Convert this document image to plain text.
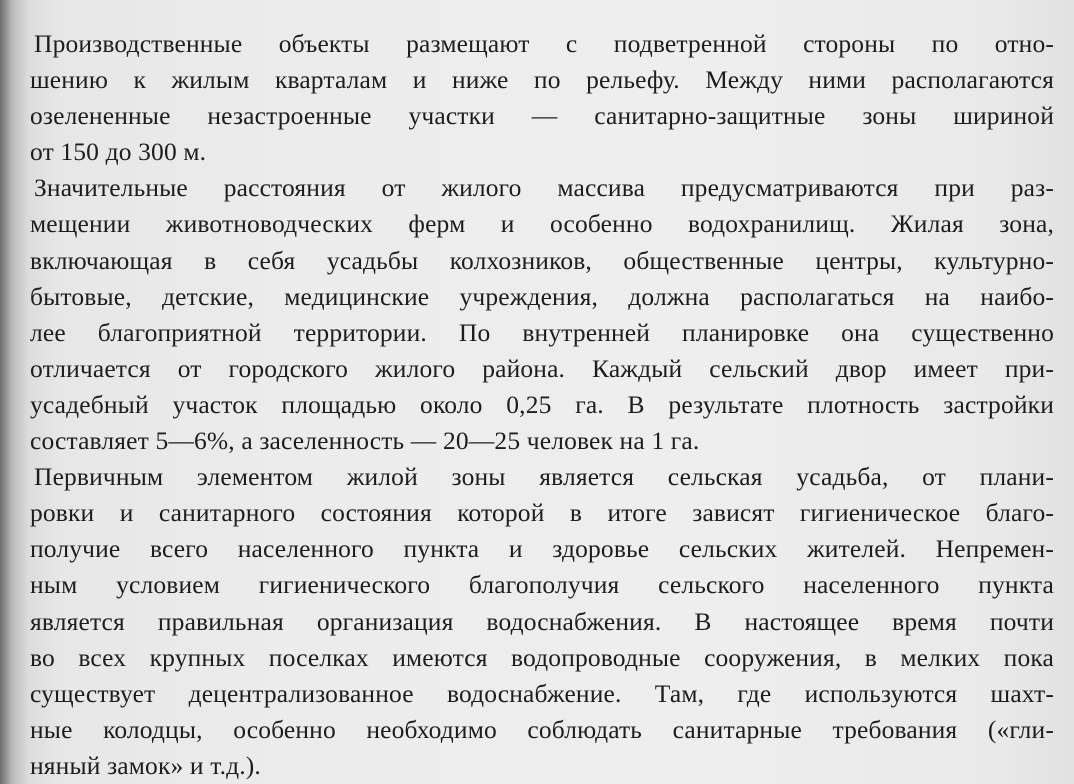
Производственные объекты размещают с подветренной стороны по отно-
шению к жилым кварталам и ниже по рельефу. Между ними располагаются
озелененные незастроенные участки — санитарно-защитные зоны шириной
от 150 до 300 м.
Значительные расстояния от жилого массива предусматриваются при раз-
мещении животноводческих ферм и особенно водохранилищ. Жилая зона,
включающая в себя усадьбы колхозников, общественные центры, культурно-
бытовые, детские, медицинские учреждения, должна располагаться на наибо-
лее благоприятной территории. По внутренней планировке она существенно
отличается от городского жилого района. Каждый сельский двор имеет при-
усадебный участок площадью около 0,25 га. В результате плотность застройки
составляет 5—6%, а заселенность — 20—25 человек на 1 га.
Первичным элементом жилой зоны является сельская усадьба, от плани-
ровки и санитарного состояния которой в итоге зависят гигиеническое благо-
получие всего населенного пункта и здоровье сельских жителей. Непремен-
ным условием гигиенического благополучия сельского населенного пункта
является правильная организация водоснабжения. В настоящее время почти
во всех крупных поселках имеются водопроводные сооружения, в мелких пока
существует децентрализованное водоснабжение. Там, где используются шахт-
ные колодцы, особенно необходимо соблюдать санитарные требования («гли-
няный замок» и т.д.).
